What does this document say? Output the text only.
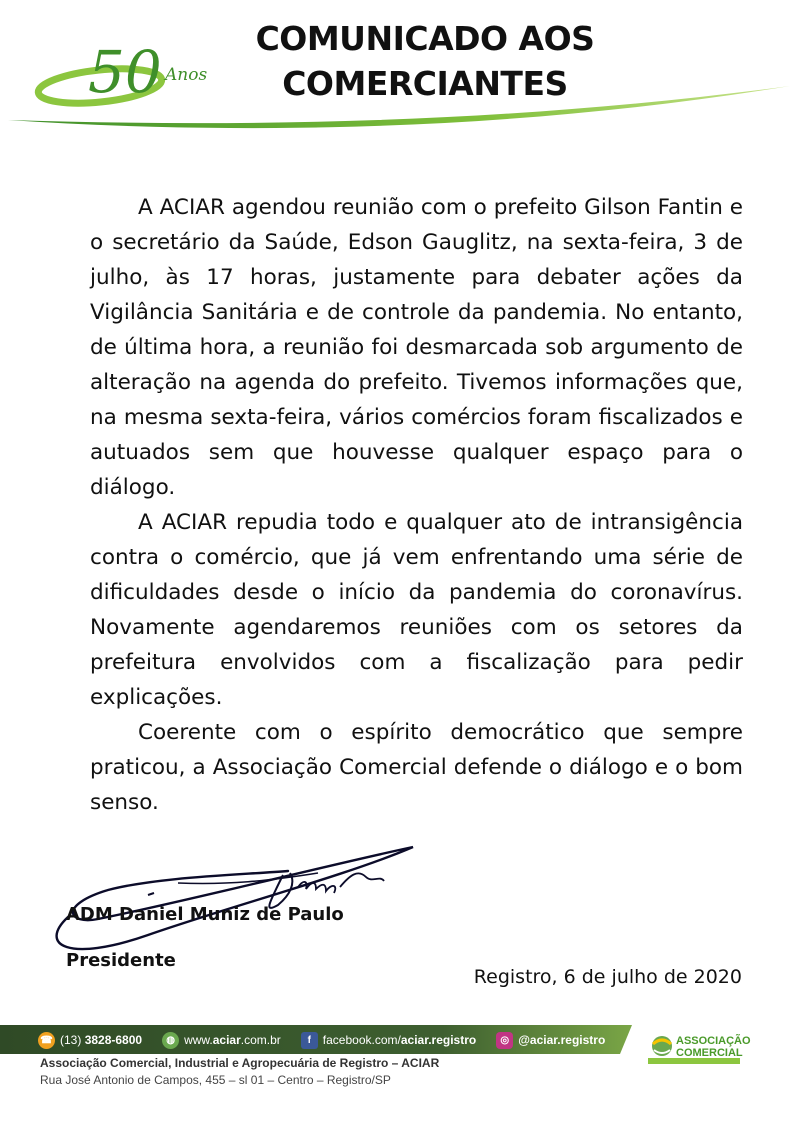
50 Anos
COMUNICADO AOS
COMERCIANTES

A ACIAR agendou reunião com o prefeito Gilson Fantin e o secretário da Saúde, Edson Gauglitz, na sexta-feira, 3 de julho, às 17 horas, justamente para debater ações da Vigilância Sanitária e de controle da pandemia. No entanto, de última hora, a reunião foi desmarcada sob argumento de alteração na agenda do prefeito. Tivemos informações que, na mesma sexta-feira, vários comércios foram fiscalizados e autuados sem que houvesse qualquer espaço para o diálogo.

A ACIAR repudia todo e qualquer ato de intransigência contra o comércio, que já vem enfrentando uma série de dificuldades desde o início da pandemia do coronavírus. Novamente agendaremos reuniões com os setores da prefeitura envolvidos com a fiscalização para pedir explicações.

Coerente com o espírito democrático que sempre praticou, a Associação Comercial defende o diálogo e o bom senso.

ADM Daniel Muniz de Paulo

Presidente

Registro, 6 de julho de 2020

☎ (13) 3828-6800	◍ www.aciar.com.br	f facebook.com/aciar.registro	◎ @aciar.registro

Associação Comercial, Industrial e Agropecuária de Registro – ACIAR

Rua José Antonio de Campos, 455 – sl 01 – Centro – Registro/SP

ASSOCIAÇÃO
COMERCIAL
